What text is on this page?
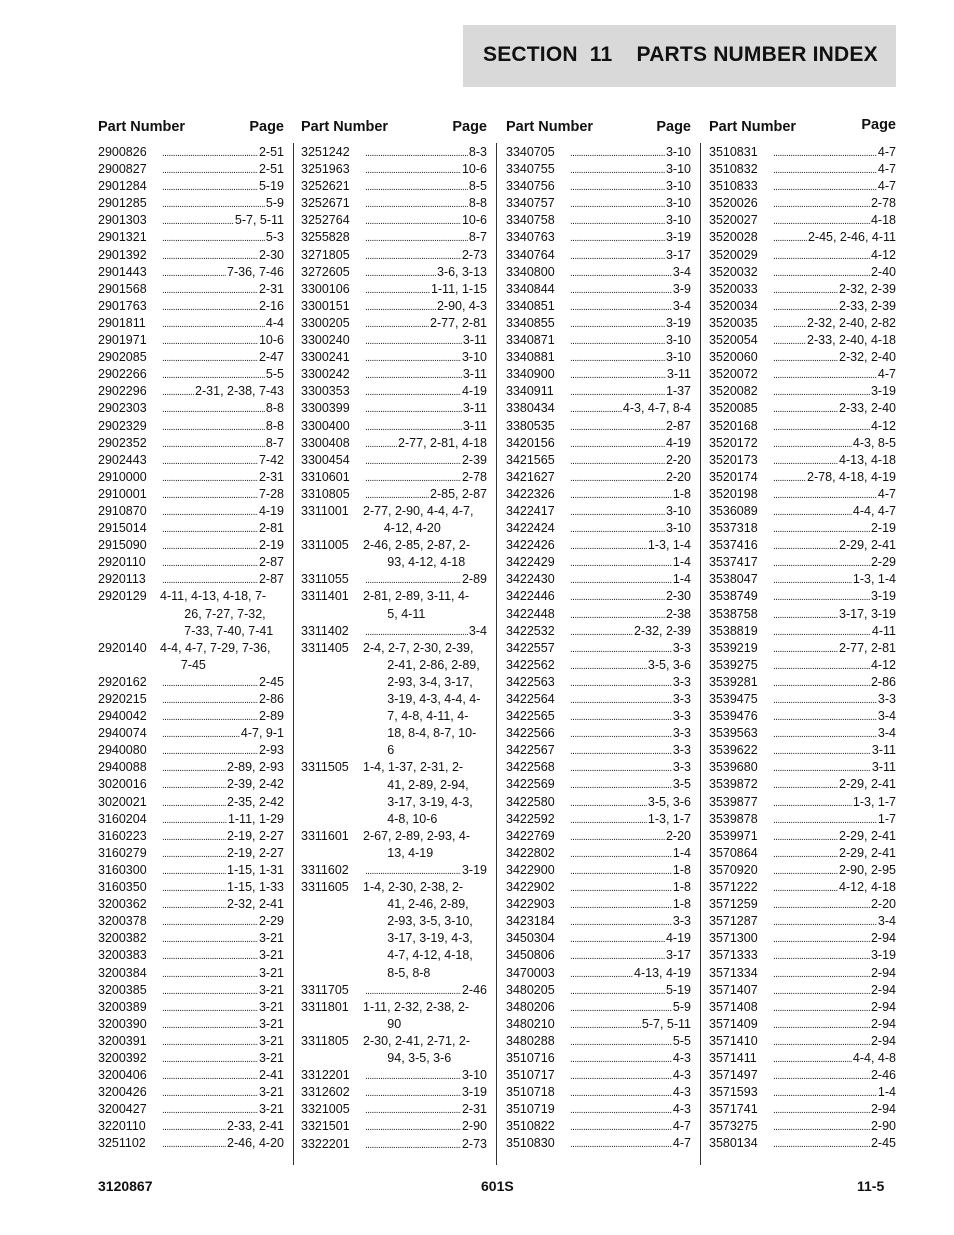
SECTION  11    PARTS NUMBER INDEX
Part Number	Page
2900826	. . . 2-51
2900827	. . . 2-51
2901284	. . . 5-19
2901285	. . . 5-9
2901303	. . . 5-7, 5-11
2901321	. . . 5-3
2901392	. . . 2-30
2901443	. . . 7-36, 7-46
2901568	. . . 2-31
2901763	. . . 2-16
2901811	. . . 4-4
2901971	. . . 10-6
2902085	. . . 2-47
2902266	. . . 5-5
2902296	. . . 2-31, 2-38, 7-43
2902303	. . . 8-8
2902329	. . . 8-8
2902352	. . . 8-7
2902443	. . . 7-42
2910000	. . . 2-31
2910001	. . . 7-28
2910870	. . . 4-19
2915014	. . . 2-81
2915090	. . . 2-19
2920110	. . . 2-87
2920113	. . . 2-87
2920129 4-11, 4-13, 4-18, 7-
26, 7-27, 7-32,
7-33, 7-40, 7-41
2920140 4-4, 4-7, 7-29, 7-36,
7-45
2920162	. . . 2-45
2920215	. . . 2-86
2940042	. . . 2-89
2940074	. . . 4-7, 9-1
2940080	. . . 2-93
2940088	. . . 2-89, 2-93
3020016	. . . 2-39, 2-42
3020021	. . . 2-35, 2-42
3160204	. . . 1-11, 1-29
3160223	. . . 2-19, 2-27
3160279	. . . 2-19, 2-27
3160300	. . . 1-15, 1-31
3160350	. . . 1-15, 1-33
3200362	. . . 2-32, 2-41
3200378	. . . 2-29
3200382	. . . 3-21
3200383	. . . 3-21
3200384	. . . 3-21
3200385	. . . 3-21
3200389	. . . 3-21
3200390	. . . 3-21
3200391	. . . 3-21
3200392	. . . 3-21
3200406	. . . 2-41
3200426	. . . 3-21
3200427	. . . 3-21
3220110	. . . 2-33, 2-41
3251102	. . . 2-46, 4-20
Part Number	Page
3251242	. . . 8-3
3251963	. . . 10-6
3252621	. . . 8-5
3252671	. . . 8-8
3252764	. . . 10-6
3255828	. . . 8-7
3271805	. . . 2-73
3272605	. . . 3-6, 3-13
3300106	. . . 1-11, 1-15
3300151	. . . 2-90, 4-3
3300205	. . . 2-77, 2-81
3300240	. . . 3-11
3300241	. . . 3-10
3300242	. . . 3-11
3300353	. . . 4-19
3300399	. . . 3-11
3300400	. . . 3-11
3300408	. . . 2-77, 2-81, 4-18
3300454	. . . 2-39
3310601	. . . 2-78
3310805	. . . 2-85, 2-87
3311001 2-77, 2-90, 4-4, 4-7,
4-12, 4-20
3311005 2-46, 2-85, 2-87, 2-
93, 4-12, 4-18
3311055	. . . 2-89
3311401 2-81, 2-89, 3-11, 4-
5, 4-11
3311402	. . . 3-4
3311405 2-4, 2-7, 2-30, 2-39,
2-41, 2-86, 2-89,
2-93, 3-4, 3-17,
3-19, 4-3, 4-4, 4-
7, 4-8, 4-11, 4-
18, 8-4, 8-7, 10-
6
3311505 1-4, 1-37, 2-31, 2-
41, 2-89, 2-94,
3-17, 3-19, 4-3,
4-8, 10-6
3311601 2-67, 2-89, 2-93, 4-
13, 4-19
3311602	. . . 3-19
3311605 1-4, 2-30, 2-38, 2-
41, 2-46, 2-89,
2-93, 3-5, 3-10,
3-17, 3-19, 4-3,
4-7, 4-12, 4-18,
8-5, 8-8
3311705	. . . 2-46
3311801 1-11, 2-32, 2-38, 2-
90
3311805 2-30, 2-41, 2-71, 2-
94, 3-5, 3-6
3312201	. . . 3-10
3312602	. . . 3-19
3321005	. . . 2-31
3321501	. . . 2-90
3322201	. . . 2-73
Part Number	Page
3340705	. . . 3-10
3340755	. . . 3-10
3340756	. . . 3-10
3340757	. . . 3-10
3340758	. . . 3-10
3340763	. . . 3-19
3340764	. . . 3-17
3340800	. . . 3-4
3340844	. . . 3-9
3340851	. . . 3-4
3340855	. . . 3-19
3340871	. . . 3-10
3340881	. . . 3-10
3340900	. . . 3-11
3340911	. . . 1-37
3380434	. . . 4-3, 4-7, 8-4
3380535	. . . 2-87
3420156	. . . 4-19
3421565	. . . 2-20
3421627	. . . 2-20
3422326	. . . 1-8
3422417	. . . 3-10
3422424	. . . 3-10
3422426	. . . 1-3, 1-4
3422429	. . . 1-4
3422430	. . . 1-4
3422446	. . . 2-30
3422448	. . . 2-38
3422532	. . . 2-32, 2-39
3422557	. . . 3-3
3422562	. . . 3-5, 3-6
3422563	. . . 3-3
3422564	. . . 3-3
3422565	. . . 3-3
3422566	. . . 3-3
3422567	. . . 3-3
3422568	. . . 3-3
3422569	. . . 3-5
3422580	. . . 3-5, 3-6
3422592	. . . 1-3, 1-7
3422769	. . . 2-20
3422802	. . . 1-4
3422900	. . . 1-8
3422902	. . . 1-8
3422903	. . . 1-8
3423184	. . . 3-3
3450304	. . . 4-19
3450806	. . . 3-17
3470003	. . . 4-13, 4-19
3480205	. . . 5-19
3480206	. . . 5-9
3480210	. . . 5-7, 5-11
3480288	. . . 5-5
3510716	. . . 4-3
3510717	. . . 4-3
3510718	. . . 4-3
3510719	. . . 4-3
3510822	. . . 4-7
3510830	. . . 4-7
Part Number	Page
3510831	. . . 4-7
3510832	. . . 4-7
3510833	. . . 4-7
3520026	. . . 2-78
3520027	. . . 4-18
3520028	. . . 2-45, 2-46, 4-11
3520029	. . . 4-12
3520032	. . . 2-40
3520033	. . . 2-32, 2-39
3520034	. . . 2-33, 2-39
3520035	. . . 2-32, 2-40, 2-82
3520054	. . . 2-33, 2-40, 4-18
3520060	. . . 2-32, 2-40
3520072	. . . 4-7
3520082	. . . 3-19
3520085	. . . 2-33, 2-40
3520168	. . . 4-12
3520172	. . . 4-3, 8-5
3520173	. . . 4-13, 4-18
3520174	. . . 2-78, 4-18, 4-19
3520198	. . . 4-7
3536089	. . . 4-4, 4-7
3537318	. . . 2-19
3537416	. . . 2-29, 2-41
3537417	. . . 2-29
3538047	. . . 1-3, 1-4
3538749	. . . 3-19
3538758	. . . 3-17, 3-19
3538819	. . . 4-11
3539219	. . . 2-77, 2-81
3539275	. . . 4-12
3539281	. . . 2-86
3539475	. . . 3-3
3539476	. . . 3-4
3539563	. . . 3-4
3539622	. . . 3-11
3539680	. . . 3-11
3539872	. . . 2-29, 2-41
3539877	. . . 1-3, 1-7
3539878	. . . 1-7
3539971	. . . 2-29, 2-41
3570864	. . . 2-29, 2-41
3570920	. . . 2-90, 2-95
3571222	. . . 4-12, 4-18
3571259	. . . 2-20
3571287	. . . 3-4
3571300	. . . 2-94
3571333	. . . 3-19
3571334	. . . 2-94
3571407	. . . 2-94
3571408	. . . 2-94
3571409	. . . 2-94
3571410	. . . 2-94
3571411	. . . 4-4, 4-8
3571497	. . . 2-46
3571593	. . . 1-4
3571741	. . . 2-94
3573275	. . . 2-90
3580134	. . . 2-45
3120867	601S	11-5
